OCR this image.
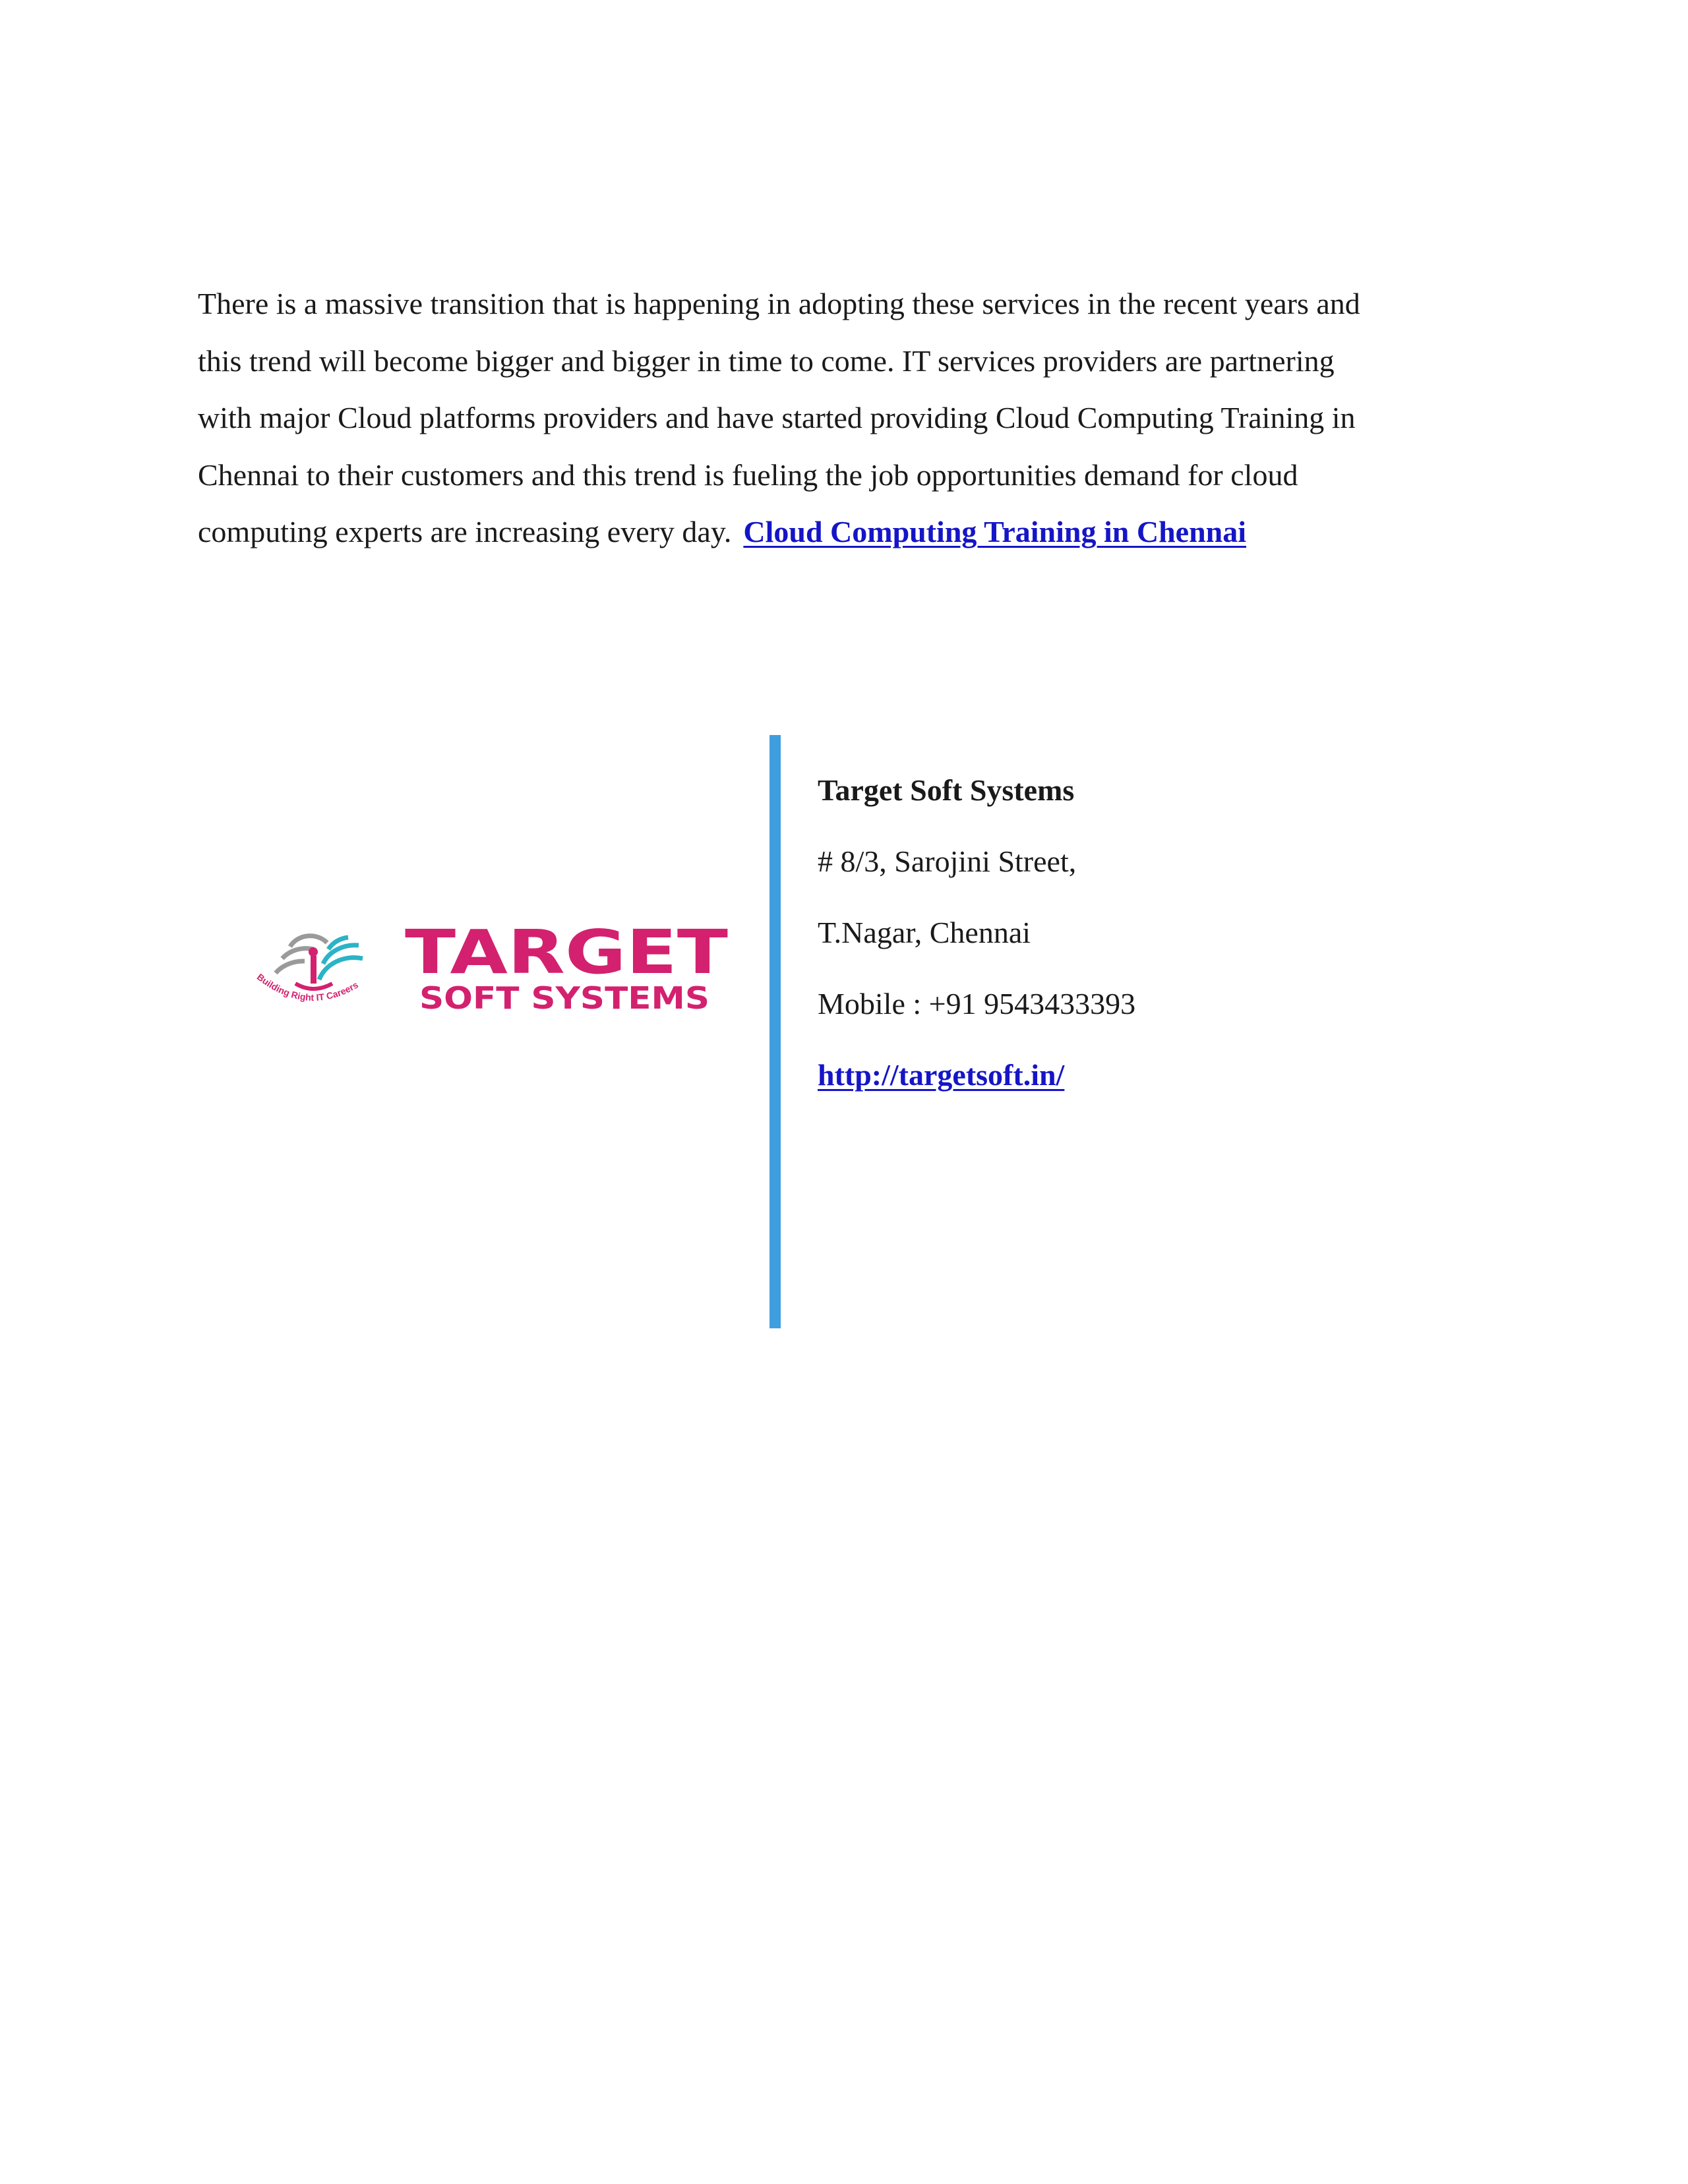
There is a massive transition that is happening in adopting these services in the recent years and
this trend will become bigger and bigger in time to come. IT services providers are partnering
with major Cloud platforms providers and have started providing Cloud Computing Training in
Chennai to their customers and this trend is fueling the job opportunities demand for cloud
computing experts are increasing every day. Cloud Computing Training in Chennai

Building Right IT Careers TARGET
SOFT SYSTEMS
Target Soft Systems
# 8/3, Sarojini Street,
T.Nagar, Chennai
Mobile : +91 9543433393
http://targetsoft.in/
